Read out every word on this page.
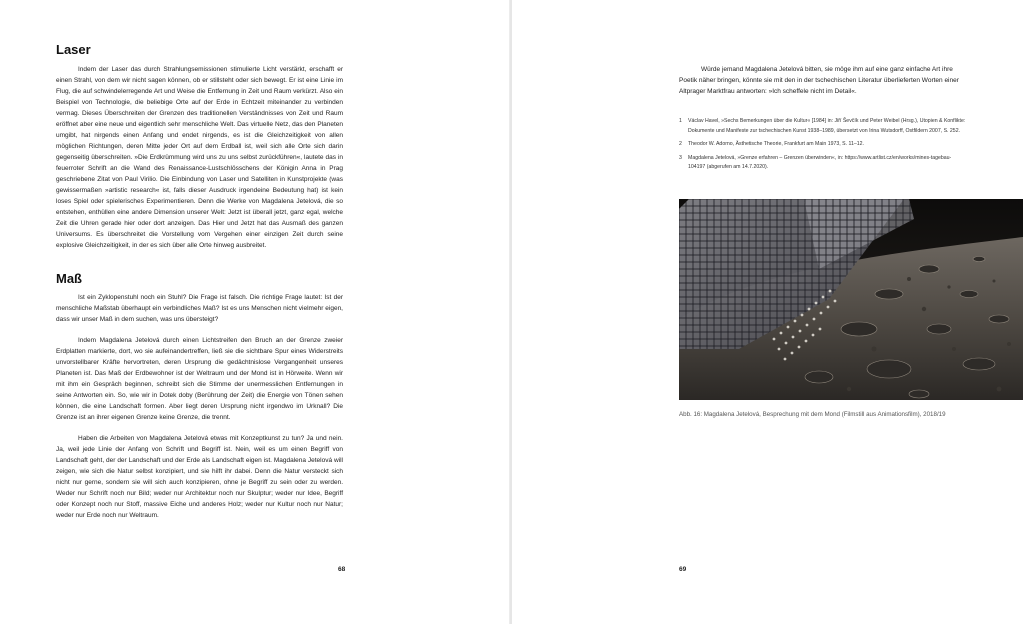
Laser

Indem der Laser das durch Strahlungsemissionen stimulierte Licht verstärkt, erschafft er einen Strahl, von dem wir nicht sagen können, ob er stillsteht oder sich bewegt. Er ist eine Linie im Flug, die auf schwindelerregende Art und Weise die Entfernung in Zeit und Raum verkürzt. Also ein Beispiel von Technologie, die beliebige Orte auf der Erde in Echtzeit miteinander zu verbinden vermag. Dieses Überschreiten der Grenzen des traditionellen Verständnisses von Zeit und Raum eröffnet aber eine neue und eigentlich sehr menschliche Welt. Das virtuelle Netz, das den Planeten umgibt, hat nirgends einen Anfang und endet nirgends, es ist die Gleichzeitigkeit von allen möglichen Richtungen, deren Mitte jeder Ort auf dem Erdball ist, weil sich alle Orte sich darin gegenseitig überschreiten. »Die Erdkrümmung wird uns zu uns selbst zurückführen«, lautete das in feuerroter Schrift an die Wand des Renaissance-Lustschlösschens der Königin Anna in Prag geschriebene Zitat von Paul Virilio. Die Einbindung von Laser und Satelliten in Kunstprojekte (was gewissermaßen »artistic research« ist, falls dieser Ausdruck irgendeine Bedeutung hat) ist kein loses Spiel oder spielerisches Experimentieren. Denn die Werke von Magdalena Jetelová, die so entstehen, enthüllen eine andere Dimension unserer Welt: Jetzt ist überall jetzt, ganz egal, welche Zeit die Uhren gerade hier oder dort anzeigen. Das Hier und Jetzt hat das Ausmaß des ganzen Universums. Es überschreitet die Vorstellung vom Vergehen einer einzigen Zeit durch seine explosive Gleichzeitigkeit, in der es sich über alle Orte hinweg ausbreitet.

Maß

Ist ein Zyklopenstuhl noch ein Stuhl? Die Frage ist falsch. Die richtige Frage lautet: Ist der menschliche Maßstab überhaupt ein verbindliches Maß? Ist es uns Menschen nicht vielmehr eigen, dass wir unser Maß in dem suchen, was uns übersteigt?

Indem Magdalena Jetelová durch einen Lichtstreifen den Bruch an der Grenze zweier Erdplatten markierte, dort, wo sie aufeinandertreffen, ließ sie die sichtbare Spur eines Widerstreits unvorstellbarer Kräfte hervortreten, deren Ursprung die gedächtnislose Vergangenheit unseres Planeten ist. Das Maß der Erdbewohner ist der Weltraum und der Mond ist in Hörweite. Wenn wir mit ihm ein Gespräch beginnen, schreibt sich die Stimme der unermesslichen Entfernungen in seine Antworten ein. So, wie wir in Dotek doby (Berührung der Zeit) die Energie von Tönen sehen können, die eine Landschaft formen. Aber liegt deren Ursprung nicht irgendwo im Urknall? Die Grenze ist an ihrer eigenen Grenze keine Grenze, die trennt.

Haben die Arbeiten von Magdalena Jetelová etwas mit Konzeptkunst zu tun? Ja und nein. Ja, weil jede Linie der Anfang von Schrift und Begriff ist. Nein, weil es um einen Begriff von Landschaft geht, der der Landschaft und der Erde als Landschaft eigen ist. Magdalena Jetelová will zeigen, wie sich die Natur selbst konzipiert, und sie hilft ihr dabei. Denn die Natur versteckt sich nicht nur gerne, sondern sie will sich auch konzipieren, ohne je Begriff zu sein oder zu werden. Weder nur Schrift noch nur Bild; weder nur Architektur noch nur Skulptur; weder nur Idee, Begriff oder Konzept noch nur Stoff, massive Eiche und anderes Holz; weder nur Kultur noch nur Natur; weder nur Erde noch nur Weltraum.

68

Würde jemand Magdalena Jetelová bitten, sie möge ihm auf eine ganz einfache Art ihre Poetik näher bringen, könnte sie mit den in der tschechischen Literatur überlieferten Worten einer Altprager Marktfrau antworten: »Ich scheffele nicht im Detail«.

1 Václav Havel, »Sechs Bemerkungen über die Kultur« [1984] in: Jiří Ševčík und Peter Weibel (Hrsg.), Utopien & Konflikte: Dokumente und Manifeste zur tschechischen Kunst 1938–1989, übersetzt von Irina Wutsdorff, Ostfildern 2007, S. 252.
2 Theodor W. Adorno, Ästhetische Theorie, Frankfurt am Main 1973, S. 11–12.
3 Magdalena Jetelová, »Grenze erfahren – Grenzen überwinden«, in: https://www.artlist.cz/en/works/mines-tagebau-104197 (abgerufen am 14.7.2020).

Abb. 16: Magdalena Jetelová, Besprechung mit dem Mond (Filmstill aus Animationsfilm), 2018/19

69
